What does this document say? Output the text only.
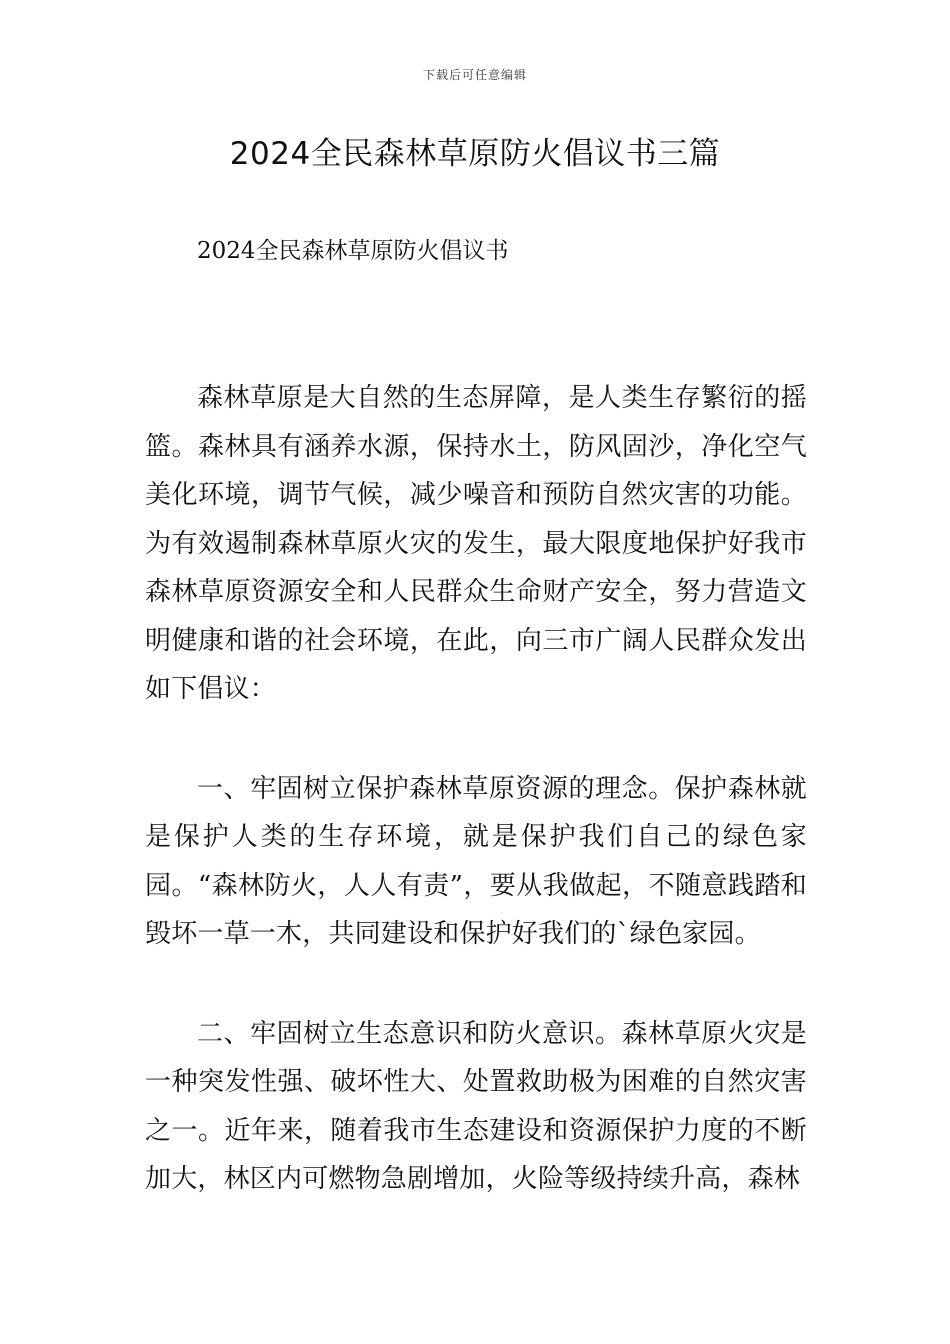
下载后可任意编辑
2024全民森林草原防火倡议书三篇

2024全民森林草原防火倡议书

森林草原是大自然的生态屏障，是人类生存繁衍的摇篮。森林具有涵养水源，保持水土，防风固沙，净化空气美化环境，调节气候，减少噪音和预防自然灾害的功能。为有效遏制森林草原火灾的发生，最大限度地保护好我市森林草原资源安全和人民群众生命财产安全，努力营造文明健康和谐的社会环境，在此，向三市广阔人民群众发出如下倡议：

一、牢固树立保护森林草原资源的理念。保护森林就是保护人类的生存环境，就是保护我们自己的绿色家园。“森林防火，人人有责”，要从我做起，不随意践踏和毁坏一草一木，共同建设和保护好我们的`绿色家园。

二、牢固树立生态意识和防火意识。森林草原火灾是一种突发性强、破坏性大、处置救助极为困难的自然灾害之一。近年来，随着我市生态建设和资源保护力度的不断加大，林区内可燃物急剧增加，火险等级持续升高，森林
